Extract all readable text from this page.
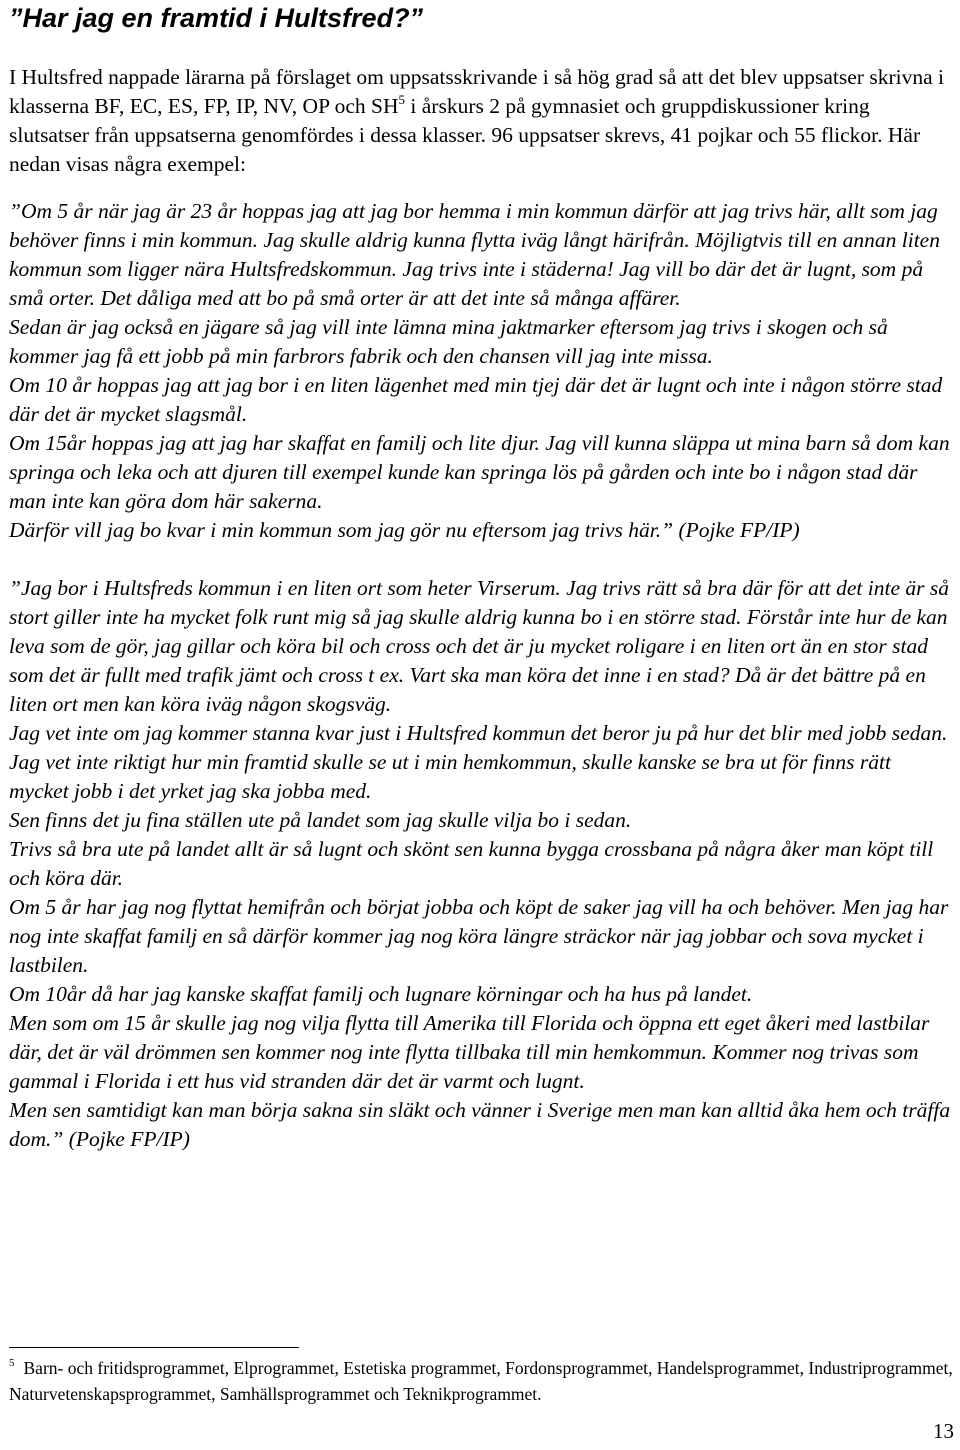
”Har jag en framtid i Hultsfred?”

I Hultsfred nappade lärarna på förslaget om uppsatsskrivande i så hög grad så att det blev uppsatser skrivna i klasserna BF, EC, ES, FP, IP, NV, OP och $SH^5$ i årskurs 2 på gymnasiet och gruppdiskussioner kring slutsatser från uppsatserna genomfördes i dessa klasser. 96 uppsatser skrevs, 41 pojkar och 55 flickor. Här nedan visas några exempel:

”Om 5 år när jag är 23 år hoppas jag att jag bor hemma i min kommun därför att jag trivs här, allt som jag behöver finns i min kommun. Jag skulle aldrig kunna flytta iväg långt härifrån. Möjligtvis till en annan liten kommun som ligger nära Hultsfredskommun. Jag trivs inte i städerna! Jag vill bo där det är lugnt, som på små orter. Det dåliga med att bo på små orter är att det inte så många affärer.

Sedan är jag också en jägare så jag vill inte lämna mina jaktmarker eftersom jag trivs i skogen och så kommer jag få ett jobb på min farbrors fabrik och den chansen vill jag inte missa.

Om 10 år hoppas jag att jag bor i en liten lägenhet med min tjej där det är lugnt och inte i någon större stad där det är mycket slagsmål.

Om 15år hoppas jag att jag har skaffat en familj och lite djur. Jag vill kunna släppa ut mina barn så dom kan springa och leka och att djuren till exempel kunde kan springa lös på gården och inte bo i någon stad där man inte kan göra dom här sakerna.

Därför vill jag bo kvar i min kommun som jag gör nu eftersom jag trivs här.” (Pojke FP/IP)

”Jag bor i Hultsfreds kommun i en liten ort som heter Virserum. Jag trivs rätt så bra där för att det inte är så stort giller inte ha mycket folk runt mig så jag skulle aldrig kunna bo i en större stad. Förstår inte hur de kan leva som de gör, jag gillar och köra bil och cross och det är ju mycket roligare i en liten ort än en stor stad som det är fullt med trafik jämt och cross t ex. Vart ska man köra det inne i en stad? Då är det bättre på en liten ort men kan köra iväg någon skogsväg.

Jag vet inte om jag kommer stanna kvar just i Hultsfred kommun det beror ju på hur det blir med jobb sedan.

Jag vet inte riktigt hur min framtid skulle se ut i min hemkommun, skulle kanske se bra ut för finns rätt mycket jobb i det yrket jag ska jobba med.

Sen finns det ju fina ställen ute på landet som jag skulle vilja bo i sedan.

Trivs så bra ute på landet allt är så lugnt och skönt sen kunna bygga crossbana på några åker man köpt till och köra där.

Om 5 år har jag nog flyttat hemifrån och börjat jobba och köpt de saker jag vill ha och behöver. Men jag har nog inte skaffat familj en så därför kommer jag nog köra längre sträckor när jag jobbar och sova mycket i lastbilen.

Om 10år då har jag kanske skaffat familj och lugnare körningar och ha hus på landet.

Men som om 15 år skulle jag nog vilja flytta till Amerika till Florida och öppna ett eget åkeri med lastbilar där, det är väl drömmen sen kommer nog inte flytta tillbaka till min hemkommun. Kommer nog trivas som gammal i Florida i ett hus vid stranden där det är varmt och lugnt.

Men sen samtidigt kan man börja sakna sin släkt och vänner i Sverige men man kan alltid åka hem och träffa dom.” (Pojke FP/IP)

$^5$ Barn- och fritidsprogrammet, Elprogrammet, Estetiska programmet, Fordonsprogrammet, Handelsprogrammet, Industriprogrammet, Naturvetenskapsprogrammet, Samhällsprogrammet och Teknikprogrammet.

13
